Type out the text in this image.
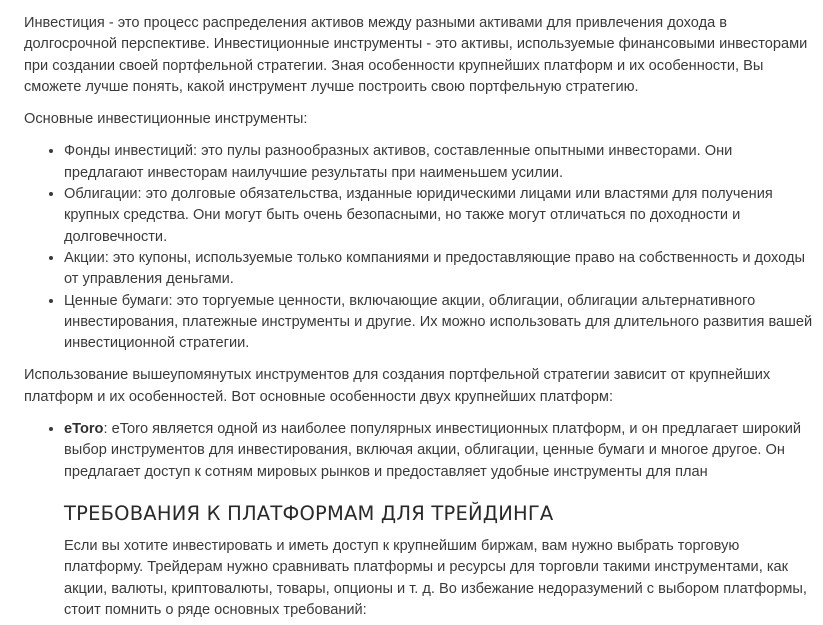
Инвестиция - это процесс распределения активов между разными активами для привлечения дохода в долгосрочной перспективе. Инвестиционные инструменты - это активы, используемые финансовыми инвесторами при создании своей портфельной стратегии. Зная особенности крупнейших платформ и их особенности, Вы сможете лучше понять, какой инструмент лучше построить свою портфельную стратегию.

Основные инвестиционные инструменты:

• Фонды инвестиций: это пулы разнообразных активов, составленные опытными инвесторами. Они предлагают инвесторам наилучшие результаты при наименьшем усилии.
• Облигации: это долговые обязательства, изданные юридическими лицами или властями для получения крупных средства. Они могут быть очень безопасными, но также могут отличаться по доходности и долговечности.
• Акции: это купоны, используемые только компаниями и предоставляющие право на собственность и доходы от управления деньгами.
• Ценные бумаги: это торгуемые ценности, включающие акции, облигации, облигации альтернативного инвестирования, платежные инструменты и другие. Их можно использовать для длительного развития вашей инвестиционной стратегии.

Использование вышеупомянутых инструментов для создания портфельной стратегии зависит от крупнейших платформ и их особенностей. Вот основные особенности двух крупнейших платформ:

• eToro: eToro является одной из наиболее популярных инвестиционных платформ, и он предлагает широкий выбор инструментов для инвестирования, включая акции, облигации, ценные бумаги и многое другое. Он предлагает доступ к сотням мировых рынков и предоставляет удобные инструменты для план
ТРЕБОВАНИЯ К ПЛАТФОРМАМ ДЛЯ ТРЕЙДИНГА

Если вы хотите инвестировать и иметь доступ к крупнейшим биржам, вам нужно выбрать торговую платформу. Трейдерам нужно сравнивать платформы и ресурсы для торговли такими инструментами, как акции, валюты, криптовалюты, товары, опционы и т. д. Во избежание недоразумений с выбором платформы, стоит помнить о ряде основных требований:
